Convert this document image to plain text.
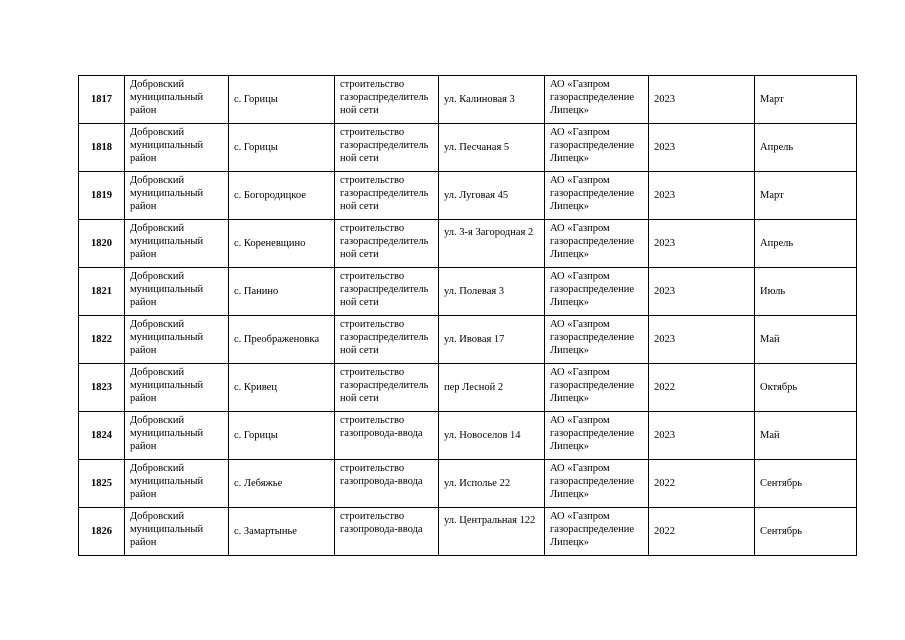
1817	Добровский муниципальный район	с. Горицы	строительство газораспределитель ной сети	ул. Калиновая 3	АО «Газпром газораспределение Липецк»	2023	Март
1818	Добровский муниципальный район	с. Горицы	строительство газораспределитель ной сети	ул. Песчаная 5	АО «Газпром газораспределение Липецк»	2023	Апрель
1819	Добровский муниципальный район	с. Богородицкое	строительство газораспределитель ной сети	ул. Луговая 45	АО «Газпром газораспределение Липецк»	2023	Март
1820	Добровский муниципальный район	с. Кореневщино	строительство газораспределитель ной сети	ул. 3-я Загородная 2	АО «Газпром газораспределение Липецк»	2023	Апрель
1821	Добровский муниципальный район	с. Панино	строительство газораспределитель ной сети	ул. Полевая 3	АО «Газпром газораспределение Липецк»	2023	Июль
1822	Добровский муниципальный район	с. Преображеновка	строительство газораспределитель ной сети	ул. Ивовая 17	АО «Газпром газораспределение Липецк»	2023	Май
1823	Добровский муниципальный район	с. Кривец	строительство газораспределитель ной сети	пер Лесной 2	АО «Газпром газораспределение Липецк»	2022	Октябрь
1824	Добровский муниципальный район	с. Горицы	строительство газопровода-ввода	ул. Новоселов 14	АО «Газпром газораспределение Липецк»	2023	Май
1825	Добровский муниципальный район	с. Лебяжье	строительство газопровода-ввода	ул. Исполье 22	АО «Газпром газораспределение Липецк»	2022	Сентябрь
1826	Добровский муниципальный район	с. Замартынье	строительство газопровода-ввода	ул. Центральная 122	АО «Газпром газораспределение Липецк»	2022	Сентябрь
